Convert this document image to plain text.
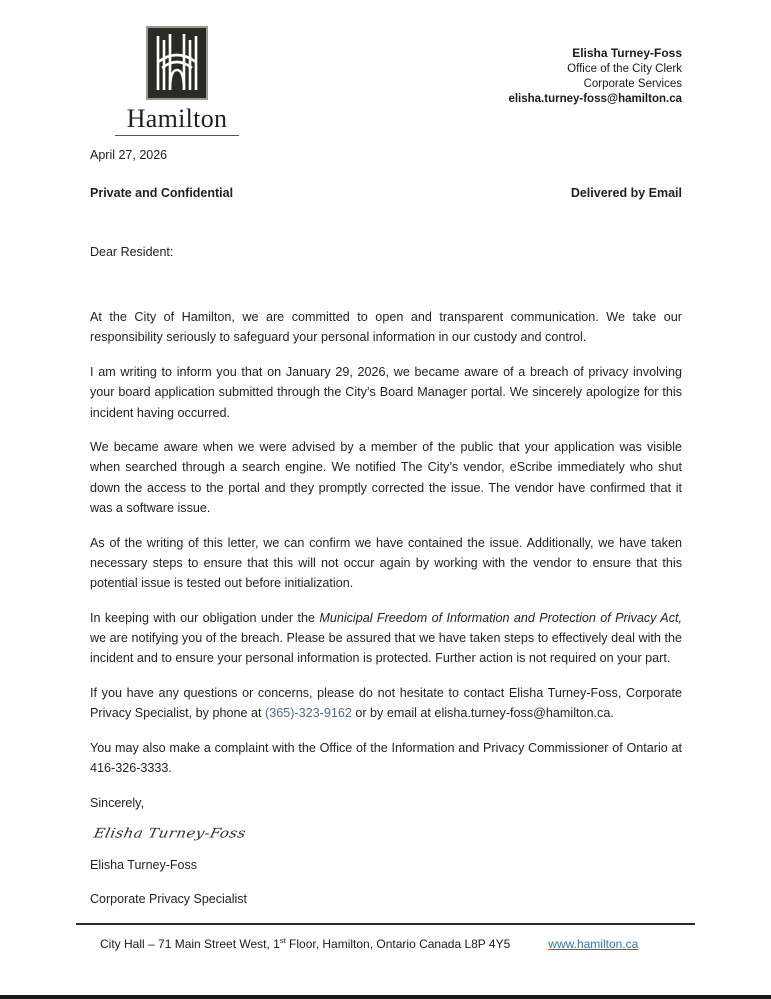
Hamilton
Elisha Turney-Foss
Office of the City Clerk
Corporate Services
elisha.turney-foss@hamilton.ca
April 27, 2026
Private and Confidential	Delivered by Email
Dear Resident:

At the City of Hamilton, we are committed to open and transparent communication. We take our responsibility seriously to safeguard your personal information in our custody and control.

I am writing to inform you that on January 29, 2026, we became aware of a breach of privacy involving your board application submitted through the City’s Board Manager portal. We sincerely apologize for this incident having occurred.

We became aware when we were advised by a member of the public that your application was visible when searched through a search engine. We notified The City’s vendor, eScribe immediately who shut down the access to the portal and they promptly corrected the issue. The vendor have confirmed that it was a software issue.

As of the writing of this letter, we can confirm we have contained the issue. Additionally, we have taken necessary steps to ensure that this will not occur again by working with the vendor to ensure that this potential issue is tested out before initialization.

In keeping with our obligation under the Municipal Freedom of Information and Protection of Privacy Act, we are notifying you of the breach. Please be assured that we have taken steps to effectively deal with the incident and to ensure your personal information is protected. Further action is not required on your part.

If you have any questions or concerns, please do not hesitate to contact Elisha Turney-Foss, Corporate Privacy Specialist, by phone at (365)-323-9162 or by email at elisha.turney-foss@hamilton.ca.

You may also make a complaint with the Office of the Information and Privacy Commissioner of Ontario at 416-326-3333.

Sincerely,
Elisha Turney-Foss
Elisha Turney-Foss
Corporate Privacy Specialist
City Hall – 71 Main Street West, 1st Floor, Hamilton, Ontario Canada L8P 4Y5	www.hamilton.ca
